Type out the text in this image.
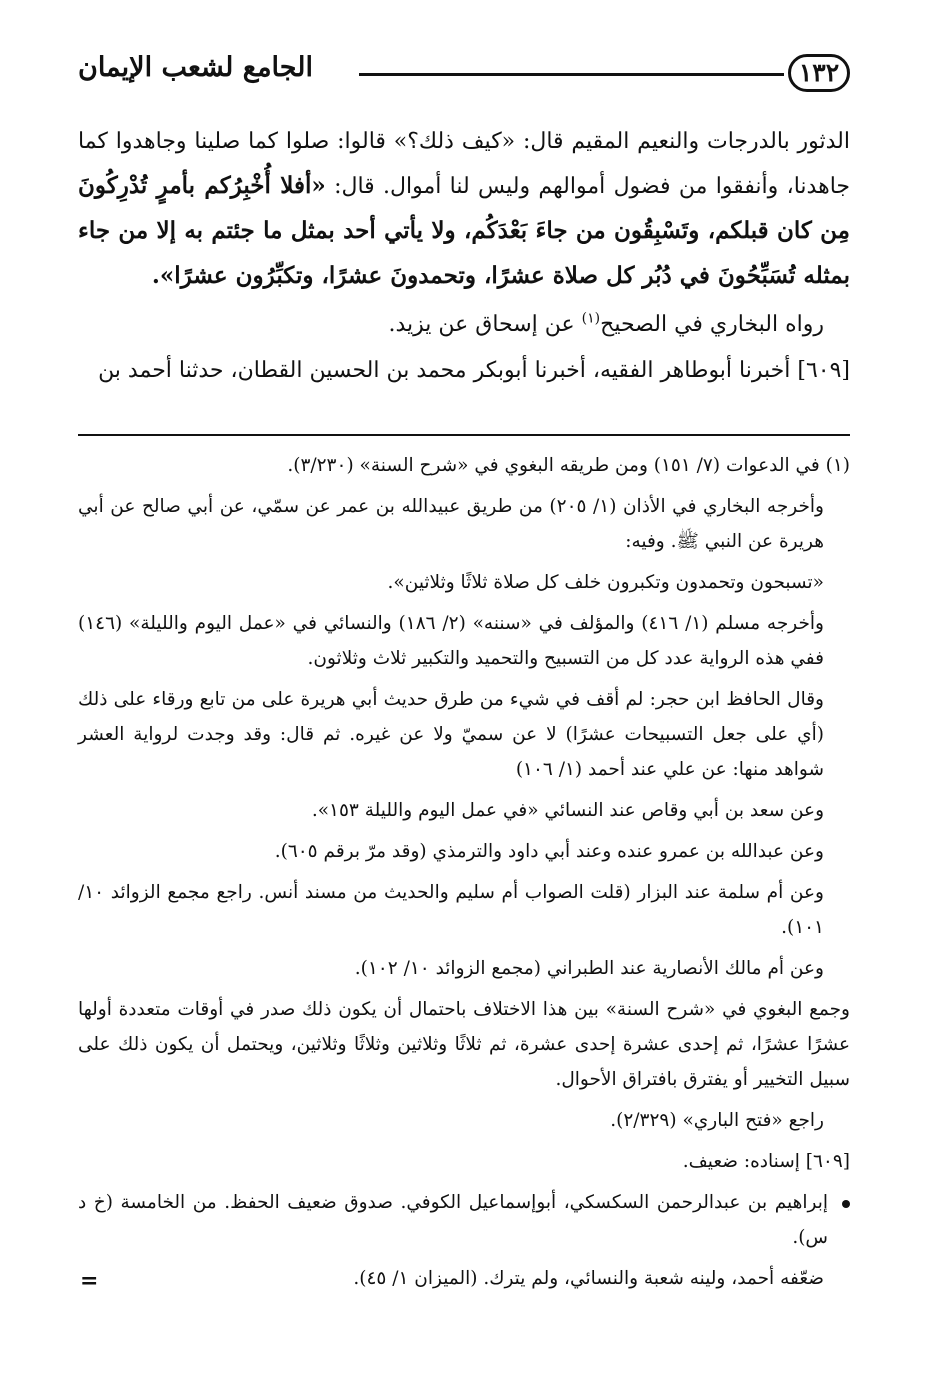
١٣٢
الجامع لشعب الإيمان

الدثور بالدرجات والنعيم المقيم قال: «كيف ذلك؟» قالوا: صلوا كما صلينا وجاهدوا كما جاهدنا، وأنفقوا من فضول أموالهم وليس لنا أموال. قال: «أفلا أُخْبِرُكم بأمرٍ تُدْرِكُونَ مِن كان قبلكم، وتَسْبِقُون من جاءَ بَعْدَكُم، ولا يأتي أحد بمثل ما جئتم به إلا من جاء بمثله تُسَبِّحُونَ في دُبُر كل صلاة عشرًا، وتحمدونَ عشرًا، وتكبِّرُون عشرًا».

رواه البخاري في الصحيح$^{(١)}$ عن إسحاق عن يزيد.

[٦٠٩] أخبرنا أبوطاهر الفقيه، أخبرنا أبوبكر محمد بن الحسين القطان، حدثنا أحمد بن

(١) في الدعوات (٧/ ١٥١) ومن طريقه البغوي في «شرح السنة» (٣/٢٣٠).

وأخرجه البخاري في الأذان (١/ ٢٠٥) من طريق عبيدالله بن عمر عن سمّي، عن أبي صالح عن أبي هريرة عن النبي ﷺ. وفيه:

«تسبحون وتحمدون وتكبرون خلف كل صلاة ثلاثًا وثلاثين».

وأخرجه مسلم (١/ ٤١٦) والمؤلف في «سننه» (٢/ ١٨٦) والنسائي في «عمل اليوم والليلة» (١٤٦) ففي هذه الرواية عدد كل من التسبيح والتحميد والتكبير ثلاث وثلاثون.

وقال الحافظ ابن حجر: لم أقف في شيء من طرق حديث أبي هريرة على من تابع ورقاء على ذلك (أي على جعل التسبيحات عشرًا) لا عن سميّ ولا عن غيره. ثم قال: وقد وجدت لرواية العشر شواهد منها: عن علي عند أحمد (١/ ١٠٦)

وعن سعد بن أبي وقاص عند النسائي «في عمل اليوم والليلة ١٥٣».

وعن عبدالله بن عمرو عنده وعند أبي داود والترمذي (وقد مرّ برقم ٦٠٥).

وعن أم سلمة عند البزار (قلت الصواب أم سليم والحديث من مسند أنس. راجع مجمع الزوائد ١٠/ ١٠١).

وعن أم مالك الأنصارية عند الطبراني (مجمع الزوائد ١٠/ ١٠٢).

وجمع البغوي في «شرح السنة» بين هذا الاختلاف باحتمال أن يكون ذلك صدر في أوقات متعددة أولها عشرًا عشرًا، ثم إحدى عشرة إحدى عشرة، ثم ثلاثًا وثلاثين وثلاثًا وثلاثين، ويحتمل أن يكون ذلك على سبيل التخيير أو يفترق بافتراق الأحوال.

راجع «فتح الباري» (٢/٣٢٩).

[٦٠٩] إسناده: ضعيف.

إبراهيم بن عبدالرحمن السكسكي، أبوإسماعيل الكوفي. صدوق ضعيف الحفظ. من الخامسة (خ د س).

ضعّفه أحمد، ولينه شعبة والنسائي، ولم يترك. (الميزان ١/ ٤٥).

=
